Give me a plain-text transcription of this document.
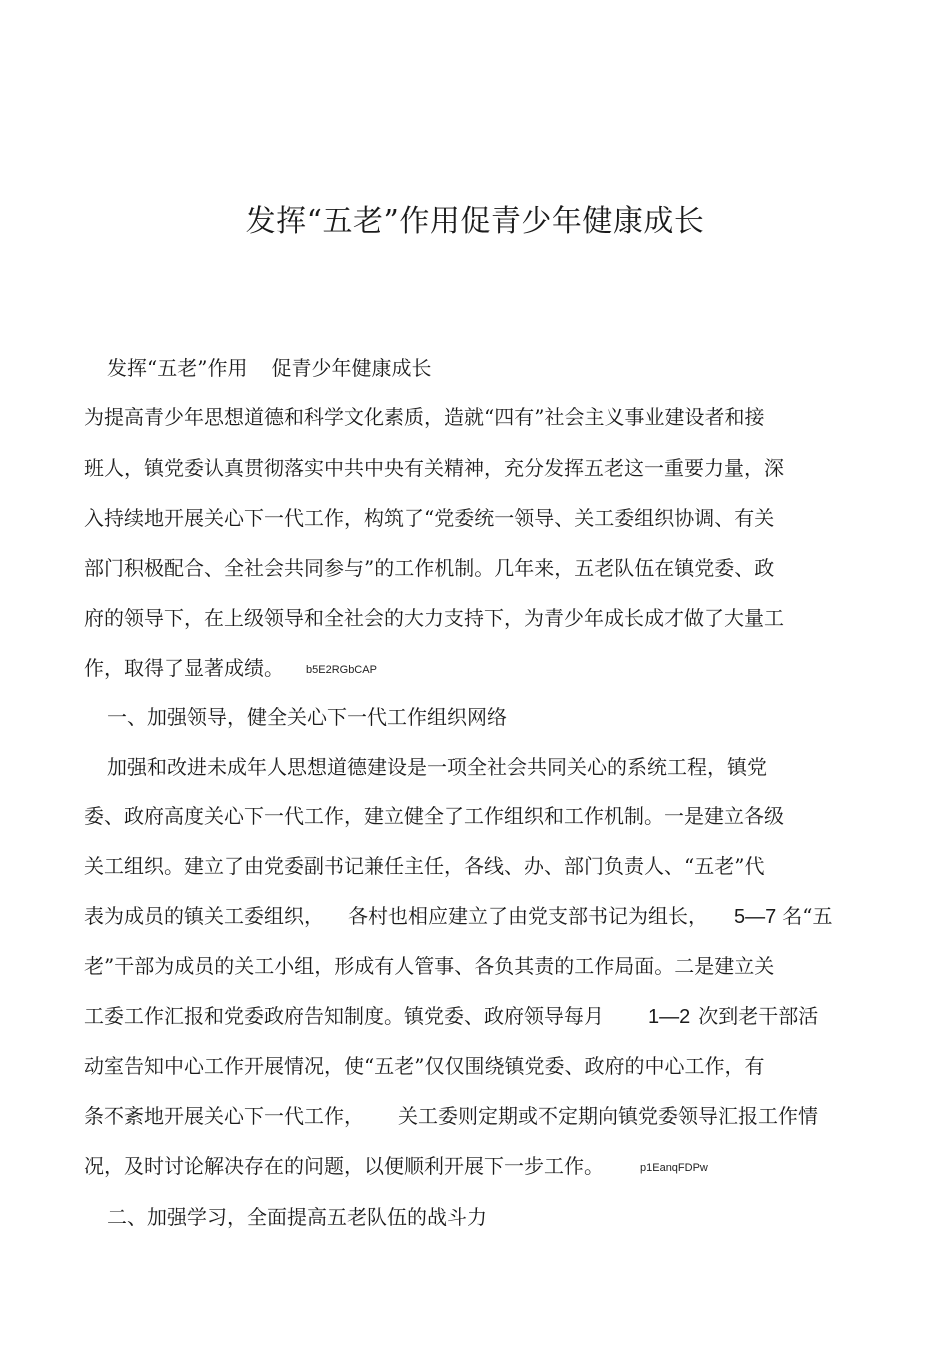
发挥“五老”作用促青少年健康成长
发挥“五老”作用 促青少年健康成长
为提高青少年思想道德和科学文化素质，造就“四有”社会主义事业建设者和接
班人，镇党委认真贯彻落实中共中央有关精神，充分发挥五老这一重要力量，深
入持续地开展关心下一代工作，构筑了“党委统一领导、关工委组织协调、有关
部门积极配合、全社会共同参与”的工作机制。几年来，五老队伍在镇党委、政
府的领导下，在上级领导和全社会的大力支持下，为青少年成长成才做了大量工
作，取得了显著成绩。 b5E2RGbCAP
一、加强领导，健全关心下一代工作组织网络
加强和改进未成年人思想道德建设是一项全社会共同关心的系统工程，镇党
委、政府高度关心下一代工作，建立健全了工作组织和工作机制。一是建立各级
关工组织。建立了由党委副书记兼任主任，各线、办、部门负责人、“五老”代
表为成员的镇关工委组织， 各村也相应建立了由党支部书记为组长， 5—7 名“五
老”干部为成员的关工小组，形成有人管事、各负其责的工作局面。二是建立关
工委工作汇报和党委政府告知制度。镇党委、政府领导每月 1—2 次到老干部活
动室告知中心工作开展情况，使“五老”仅仅围绕镇党委、政府的中心工作，有
条不紊地开展关心下一代工作， 关工委则定期或不定期向镇党委领导汇报工作情
况，及时讨论解决存在的问题，以便顺利开展下一步工作。	p1EanqFDPw
二、加强学习，全面提高五老队伍的战斗力
